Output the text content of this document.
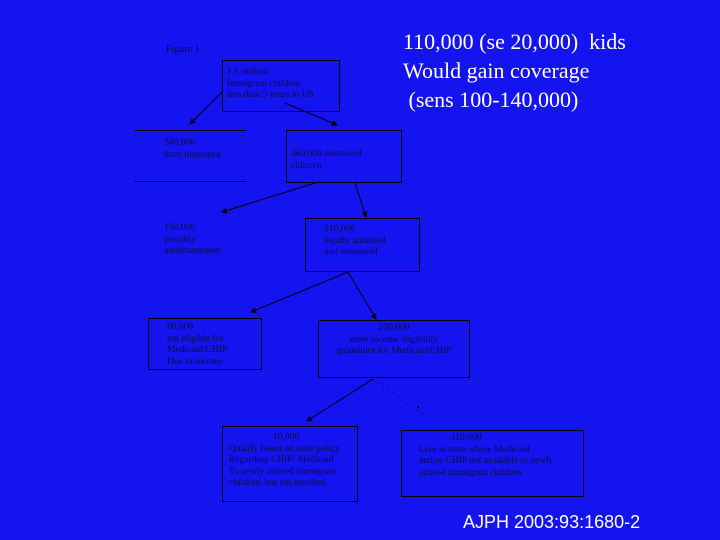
Figure 1.	110,000 (se 20,000)  kids
Would gain coverage
(sens 100-140,000)
1.1 million
Immigrant children
less than 5 years in US
540,000
have insurance	460,000 uninsured
chlicren
150,000
possibly
undocumented
310,000
legally admitted
and uninsured
80,000
not eligible for
Medicaid/CHIP
Due to income
230,000
meet income eligibility
guidelines for Medicaid/CHIP
10,000
Qualify based on state policy
Regarding CHIP/ Medicaid
To newly arrived immigrant
children, but not enrolled
110,000
Live in state where Medicaid
and/or CHIP not available to newly
arrived immigrant children
AJPH 2003:93:1680-2
